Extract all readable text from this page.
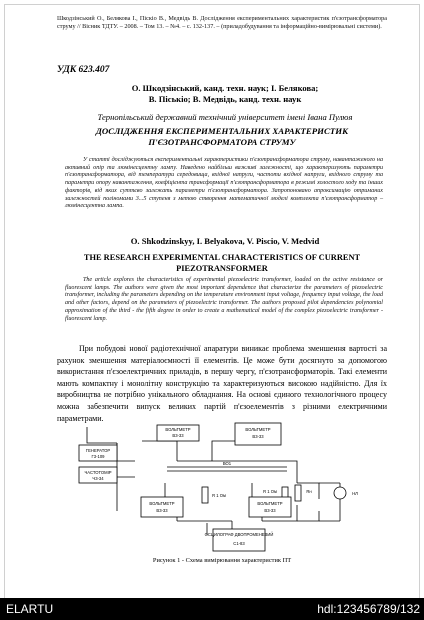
Шкодзінський О., Белякова І., Піскіо В., Медвідь В. Дослідження експериментальних характеристик п'єзотрансформатора струму // Вісник ТДТУ. – 2008. – Том 13. – №4. – с. 132-137. – (приладобудування та інформаційно-вимірювальні системи).
УДК 623.407
О. Шкодзінський, канд. техн. наук; І. Белякова;
В. Піськіо; В. Медвідь, канд. техн. наук
Тернопільський державний технічний університет імені Івана Пулюя
ДОСЛІДЖЕННЯ ЕКСПЕРИМЕНТАЛЬНИХ ХАРАКТЕРИСТИК П'ЄЗОТРАНСФОРМАТОРА СТРУМУ
У статті досліджуються експериментальні характеристики п'єзотрансформатора струму, навантаженого на активний опір та люмінесцентну лампу. Наведено найбільш важливі залежності, що характеризують параметри п'єзотрансформатора, від температури середовища, вхідної напруги, частоти вхідної напруги, вхідного струму та параметри опору навантаження, коефіцієнта трансформації п'єзотрансформатора в режимі холостого ходу та інших факторів, від яких суттєво залежать параметри п'єзотрансформатора. Запропоновано апроксимацію отриманих залежностей поліномами 3...5 ступеня з метою створення математичної моделі комплекта п'єзотрансформатор – люмінесцентна лампа.
O. Shkodzinskyy, I. Belyakova, V. Piscio, V. Medvid
THE RESEARCH EXPERIMENTAL CHARACTERISTICS OF CURRENT PIEZOTRANSFORMER
The article explores the characteristics of experimental piezoelectric transformer, loaded on the active resistance or fluorescent lamps. The authors were given the most important dependence that characterize the parameters of piezoelectric transformer, including the parameters depending on the temperature environment input voltage, frequency input voltage, the load and other factors, depend on the parameters of piezoelectric transformer. The authors proposed pilot dependencies polynomial approximation of the third - the fifth degree in order to create a mathematical model of the complex piezoelectric transformer - fluorescent lamp.
При побудові нової радіотехнічної апаратури виникає проблема зменшення вартості за рахунок зменшення матеріалоємності її елементів. Це може бути досягнуто за допомогою використання п'єзоелектричних приладів, в першу чергу, п'єзотрансформаторів. Такі елементи мають компактну і монолітну конструкцію та характеризуються високою надійністю. Для їх виробництва не потрібно унікального обладнання. На основі єдиного технологічного процесу можна забезпечити випуск великих партій п'єзоелементів з різними електричними параметрами.
ВОЛЬТМЕТР
В3-33
ВОЛЬТМЕТР
В3-33
ГЕНЕРАТОР
Г3-109
ЧАСТОТОМІР
Ч3-34
ВОЛЬТМЕТР
В3-33
ВОЛЬТМЕТР
В3-33
ОСЦИЛОГРАФ ДВОПРОМЕНЕВИЙ
С1-83
R 1 Ом
R 1 Ом
ВО1
Rн	НЛ
Рисунок 1 - Схема вимірювання характеристик ПТ
ELARTU	hdl:123456789/132
